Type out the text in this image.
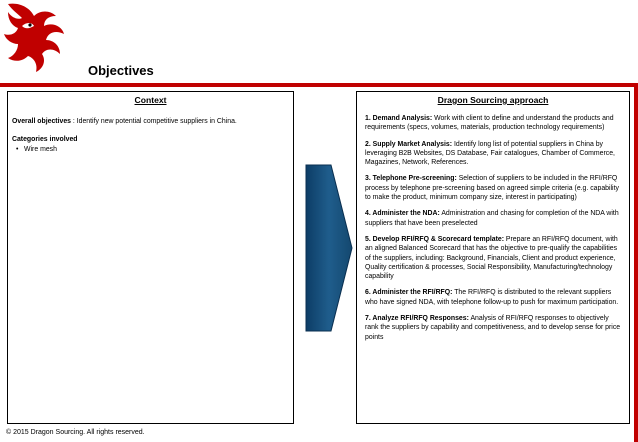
Objectives
Context
Overall objectives : Identify new potential competitive suppliers in China.
Categories involved
• Wire mesh
Dragon Sourcing approach
1. Demand Analysis: Work with client to define and understand the products and requirements (specs, volumes, materials, production technology requirements)
2. Supply Market Analysis: Identify long list of potential suppliers in China by leveraging B2B Websites, DS Database, Fair catalogues, Chamber of Commerce, Magazines, Network, References.
3. Telephone Pre-screening: Selection of suppliers to be included in the RFI/RFQ process by telephone pre-screening based on agreed simple criteria (e.g. capability to make the product, minimum company size, interest in participating)
4. Administer the NDA: Administration and chasing for completion of the NDA with suppliers that have been preselected
5. Develop RFI/RFQ & Scorecard template: Prepare an RFI/RFQ document, with an aligned Balanced Scorecard that has the objective to pre-qualify the capabilities of the suppliers, including: Background, Financials, Client and product experience, Quality certification & processes, Social Responsibility, Manufacturing/technology capability
6. Administer the RFI/RFQ: The RFI/RFQ is distributed to the relevant suppliers who have signed NDA, with telephone follow-up to push for maximum participation.
7. Analyze RFI/RFQ Responses: Analysis of RFI/RFQ responses to objectively rank the suppliers by capability and competitiveness, and to develop sense for price points
© 2015 Dragon Sourcing. All rights reserved.
